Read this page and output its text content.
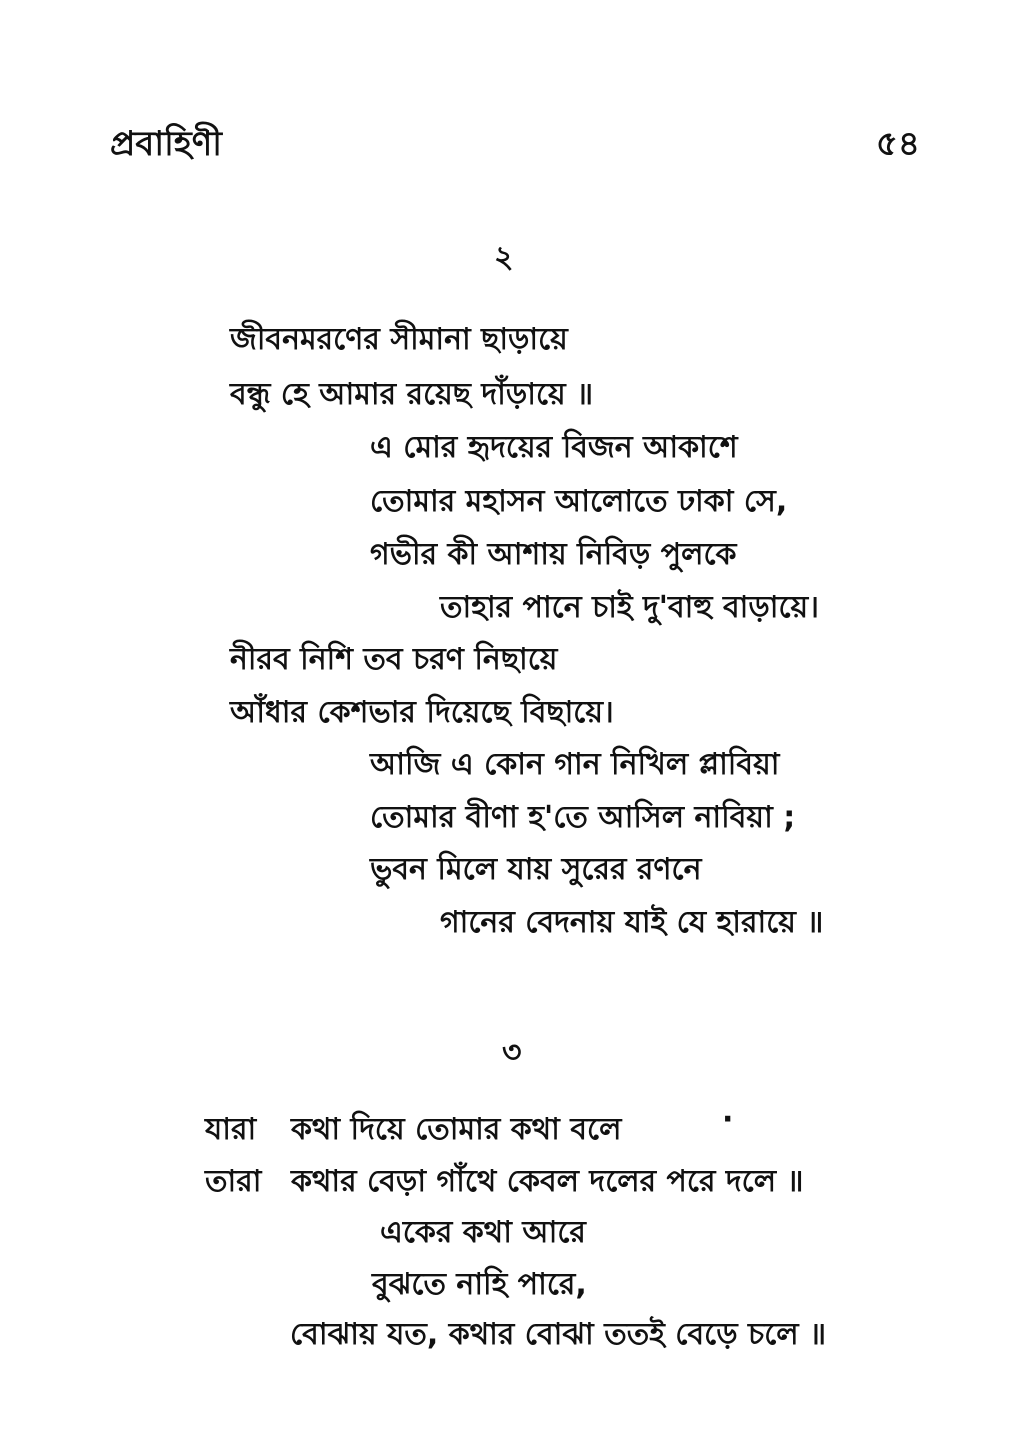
প্রবাহিণী	৫৪
২
জীবনমরণের সীমানা ছাড়ায়ে
বন্ধু হে আমার রয়েছ দাঁড়ায়ে ॥
এ মোর হৃদয়ের বিজন আকাশে
তোমার মহাসন আলোতে ঢাকা সে,
গভীর কী আশায় নিবিড় পুলকে
তাহার পানে চাই দু'বাহু বাড়ায়ে।
নীরব নিশি তব চরণ নিছায়ে
আঁধার কেশভার দিয়েছে বিছায়ে।
আজি এ কোন গান নিখিল প্লাবিয়া
তোমার বীণা হ'তে আসিল নাবিয়া ;
ভুবন মিলে যায় সুরের রণনে
গানের বেদনায় যাই যে হারায়ে ॥
৩
যারা কথা দিয়ে তোমার কথা বলে	·
তারা কথার বেড়া গাঁথে কেবল দলের পরে দলে ॥
একের কথা আরে
বুঝতে নাহি পারে,
বোঝায় যত, কথার বোঝা ততই বেড়ে চলে ॥
